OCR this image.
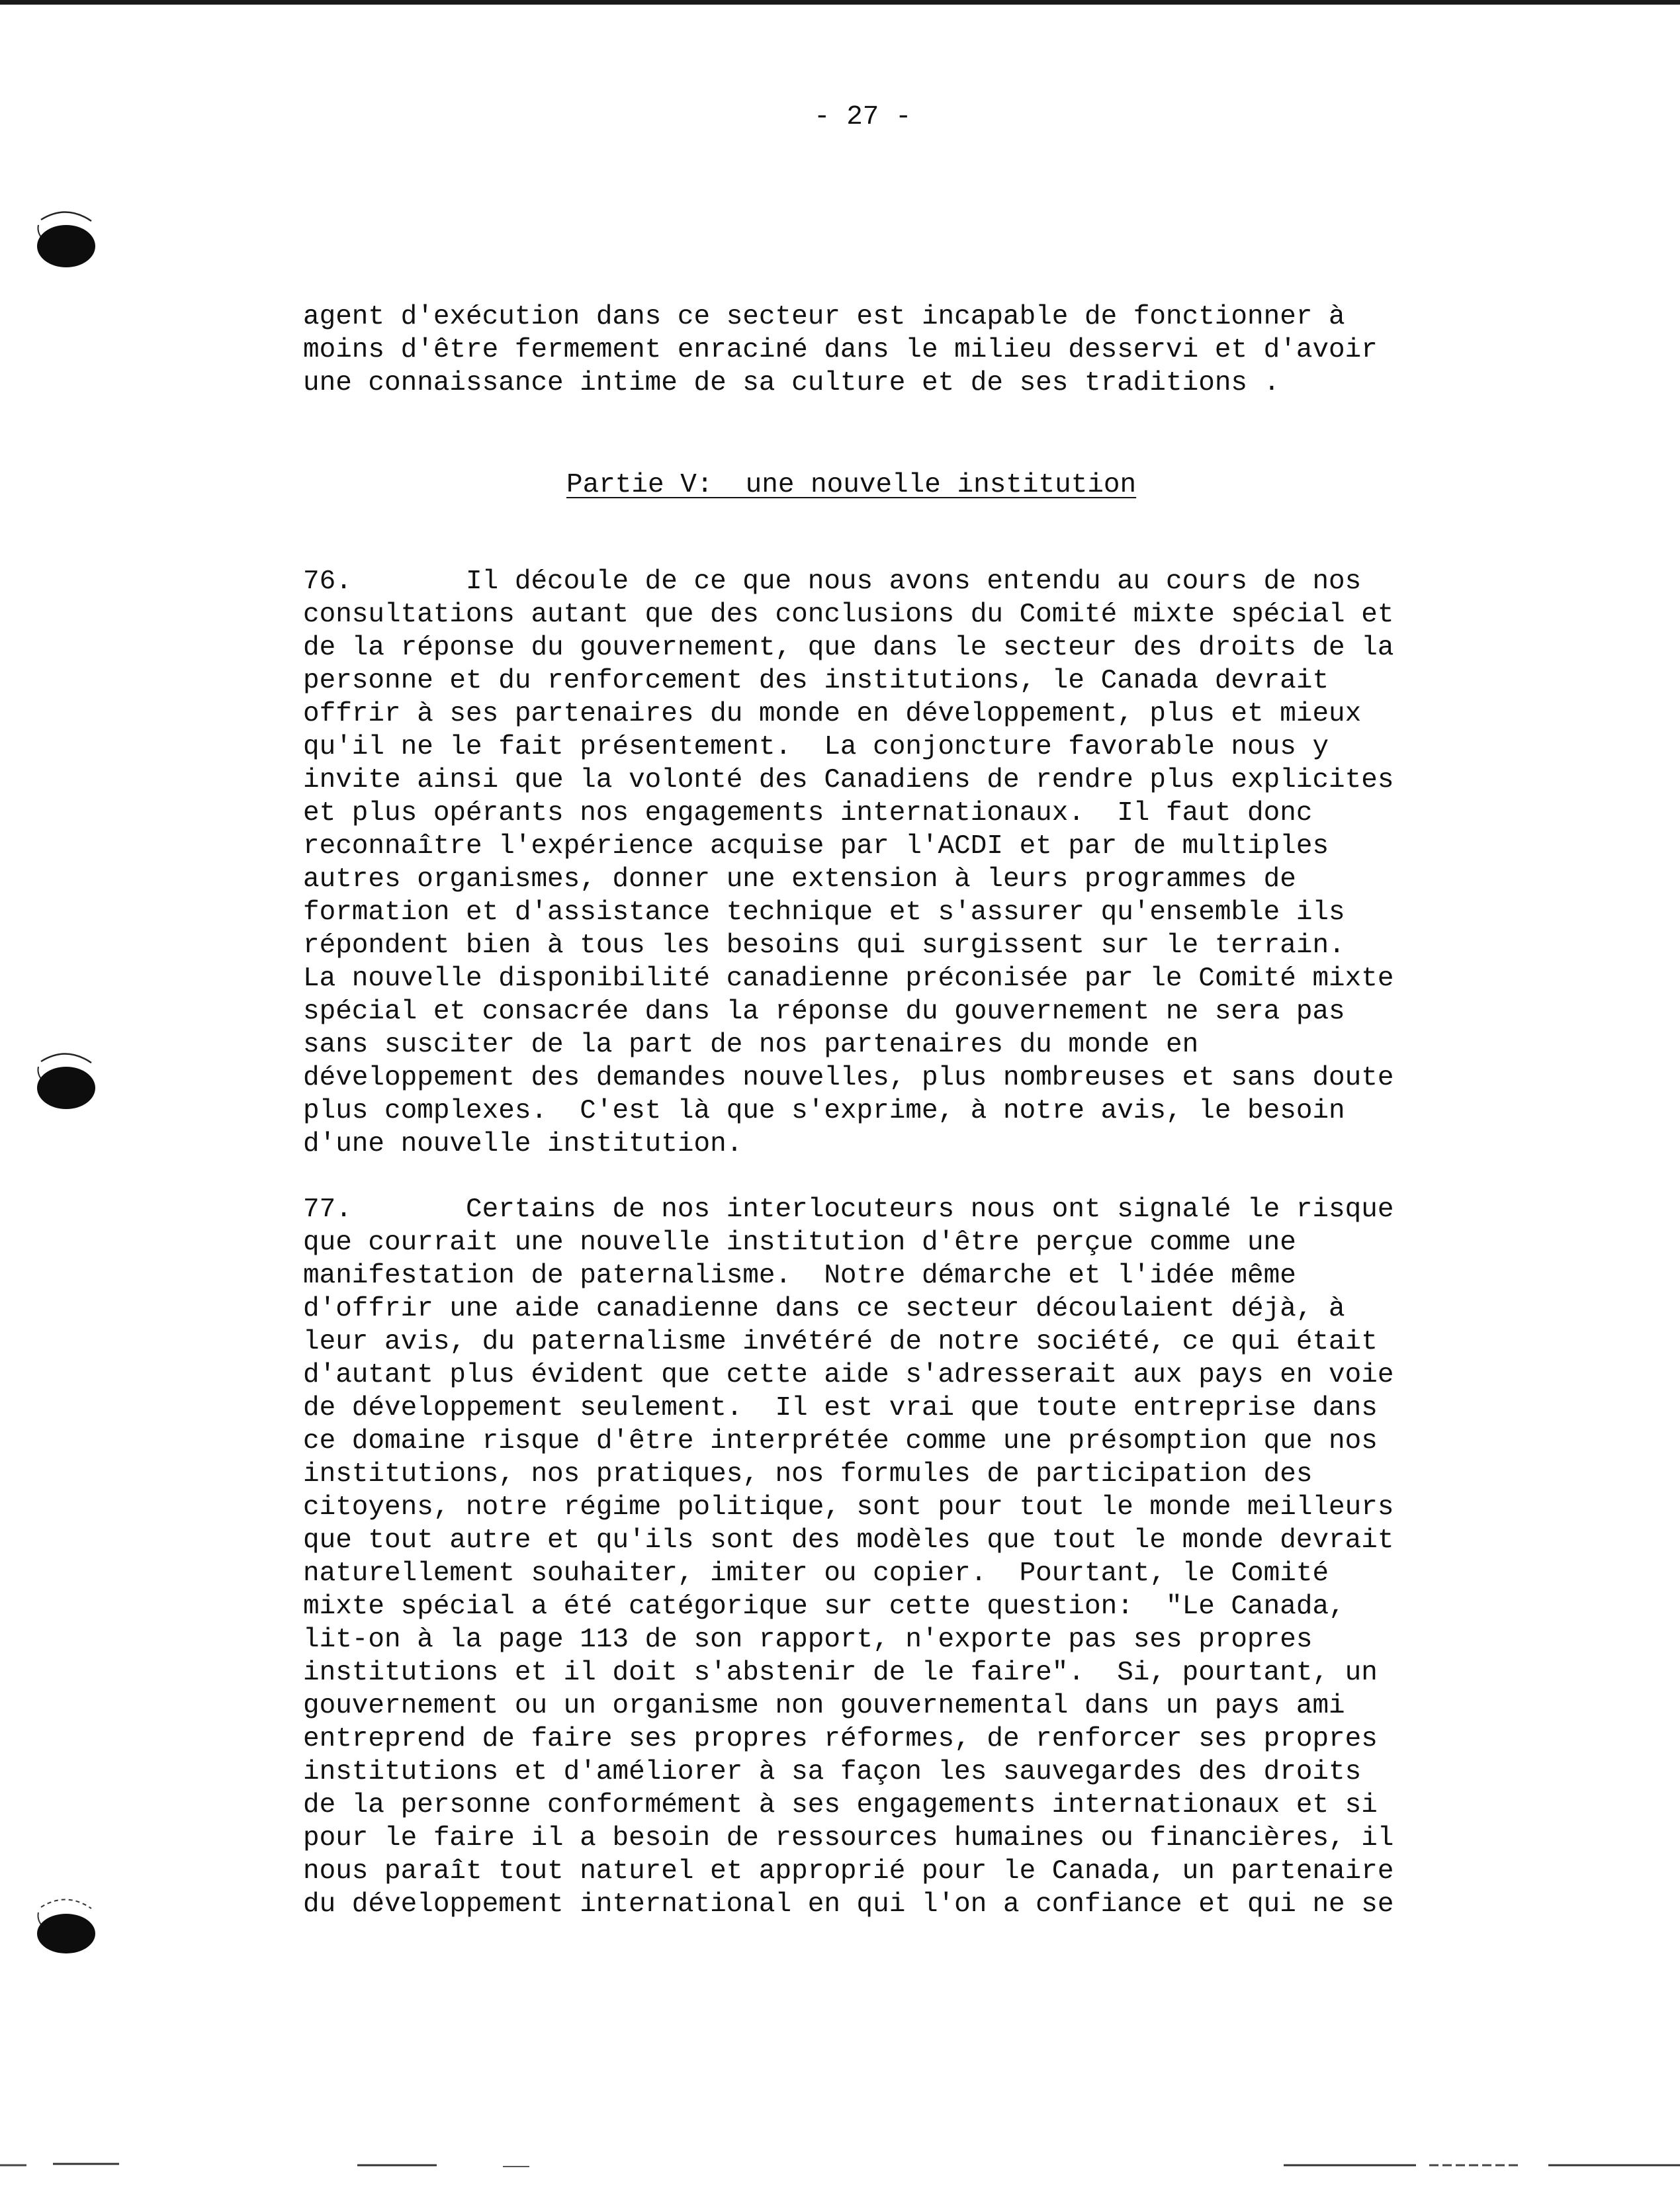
- 27 -
agent d'exécution dans ce secteur est incapable de fonctionner à
moins d'être fermement enraciné dans le milieu desservi et d'avoir
une connaissance intime de sa culture et de ses traditions .
Partie V:  une nouvelle institution
76.       Il découle de ce que nous avons entendu au cours de nos
consultations autant que des conclusions du Comité mixte spécial et
de la réponse du gouvernement, que dans le secteur des droits de la
personne et du renforcement des institutions, le Canada devrait
offrir à ses partenaires du monde en développement, plus et mieux
qu'il ne le fait présentement.  La conjoncture favorable nous y
invite ainsi que la volonté des Canadiens de rendre plus explicites
et plus opérants nos engagements internationaux.  Il faut donc
reconnaître l'expérience acquise par l'ACDI et par de multiples
autres organismes, donner une extension à leurs programmes de
formation et d'assistance technique et s'assurer qu'ensemble ils
répondent bien à tous les besoins qui surgissent sur le terrain.
La nouvelle disponibilité canadienne préconisée par le Comité mixte
spécial et consacrée dans la réponse du gouvernement ne sera pas
sans susciter de la part de nos partenaires du monde en
développement des demandes nouvelles, plus nombreuses et sans doute
plus complexes.  C'est là que s'exprime, à notre avis, le besoin
d'une nouvelle institution.
77.       Certains de nos interlocuteurs nous ont signalé le risque
que courrait une nouvelle institution d'être perçue comme une
manifestation de paternalisme.  Notre démarche et l'idée même
d'offrir une aide canadienne dans ce secteur découlaient déjà, à
leur avis, du paternalisme invétéré de notre société, ce qui était
d'autant plus évident que cette aide s'adresserait aux pays en voie
de développement seulement.  Il est vrai que toute entreprise dans
ce domaine risque d'être interprétée comme une présomption que nos
institutions, nos pratiques, nos formules de participation des
citoyens, notre régime politique, sont pour tout le monde meilleurs
que tout autre et qu'ils sont des modèles que tout le monde devrait
naturellement souhaiter, imiter ou copier.  Pourtant, le Comité
mixte spécial a été catégorique sur cette question:  "Le Canada,
lit-on à la page 113 de son rapport, n'exporte pas ses propres
institutions et il doit s'abstenir de le faire".  Si, pourtant, un
gouvernement ou un organisme non gouvernemental dans un pays ami
entreprend de faire ses propres réformes, de renforcer ses propres
institutions et d'améliorer à sa façon les sauvegardes des droits
de la personne conformément à ses engagements internationaux et si
pour le faire il a besoin de ressources humaines ou financières, il
nous paraît tout naturel et approprié pour le Canada, un partenaire
du développement international en qui l'on a confiance et qui ne se
